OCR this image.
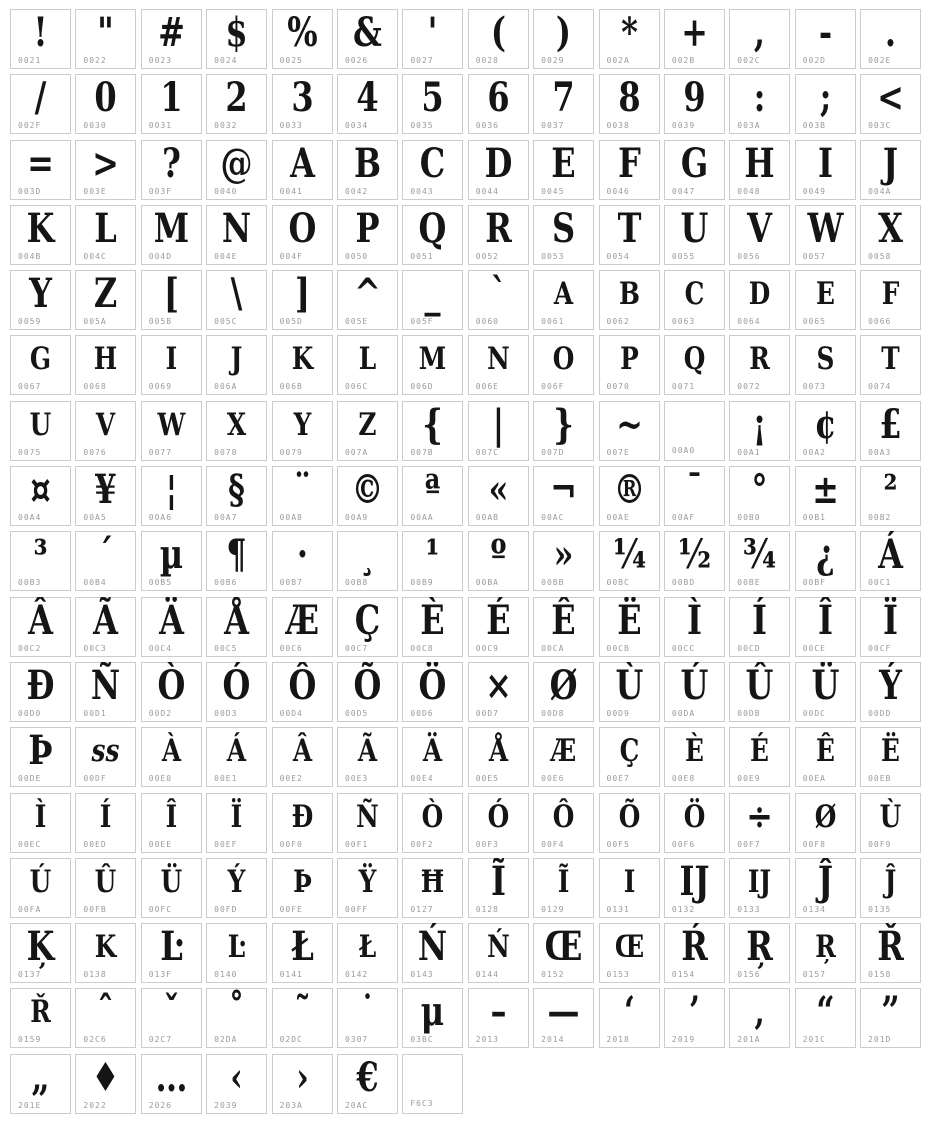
!
0021
"
0022
#
0023
$
0024
%
0025
&
0026
'
0027
(
0028
)
0029
*
002A
+
002B
,
002C
-
002D
.
002E
/
002F
0
0030
1
0031
2
0032
3
0033
4
0034
5
0035
6
0036
7
0037
8
0038
9
0039
:
003A
;
003B
<
003C
=
003D
>
003E
?
003F
@
0040
A
0041
B
0042
C
0043
D
0044
E
0045
F
0046
G
0047
H
0048
I
0049
J
004A
K
004B
L
004C
M
004D
N
004E
O
004F
P
0050
Q
0051
R
0052
S
0053
T
0054
U
0055
V
0056
W
0057
X
0058
Y
0059
Z
005A
[
005B
\
005C
]
005D
^
005E
_
005F
`
0060
A
0061
B
0062
C
0063
D
0064
E
0065
F
0066
G
0067
H
0068
I
0069
J
006A
K
006B
L
006C
M
006D
N
006E
O
006F
P
0070
Q
0071
R
0072
S
0073
T
0074
U
0075
V
0076
W
0077
X
0078
Y
0079
Z
007A
{
007B
|
007C
}
007D
~
007E	00A0
¡
00A1
¢
00A2
£
00A3
¤
00A4
¥
00A5
¦
00A6
§
00A7
¨
00A8
©
00A9
ª
00AA
«
00AB
¬
00AC
®
00AE
¯
00AF
°
00B0
±
00B1
²
00B2
³
00B3
´
00B4
µ
00B5
¶
00B6
·
00B7
¸
00B8
¹
00B9
º
00BA
»
00BB
¼
00BC
½
00BD
¾
00BE
¿
00BF
Á
00C1
Â
00C2
Ã
00C3
Ä
00C4
Å
00C5
Æ
00C6
Ç
00C7
È
00C8
É
00C9
Ê
00CA
Ë
00CB
Ì
00CC
Í
00CD
Î
00CE
Ï
00CF
Ð
00D0
Ñ
00D1
Ò
00D2
Ó
00D3
Ô
00D4
Õ
00D5
Ö
00D6
×
00D7
Ø
00D8
Ù
00D9
Ú
00DA
Û
00DB
Ü
00DC
Ý
00DD
Þ
00DE
ss
00DF
À
00E0
Á
00E1
Â
00E2
Ã
00E3
Ä
00E4
Å
00E5
Æ
00E6
Ç
00E7
È
00E8
É
00E9
Ê
00EA
Ë
00EB
Ì
00EC
Í
00ED
Î
00EE
Ï
00EF
Ð
00F0
Ñ
00F1
Ò
00F2
Ó
00F3
Ô
00F4
Õ
00F5
Ö
00F6
÷
00F7
Ø
00F8
Ù
00F9
Ú
00FA
Û
00FB
Ü
00FC
Ý
00FD
Þ
00FE
Ÿ
00FF
Ħ
0127
Ĩ
0128
Ĩ
0129
I
0131
IJ
0132
IJ
0133
Ĵ
0134
Ĵ
0135
Ķ
0137
K
0138
Ŀ
013F
Ŀ
0140
Ł
0141
Ł
0142
Ń
0143
Ń
0144
Œ
0152
Œ
0153
Ŕ
0154
Ŗ
0156
Ŗ
0157
Ř
0158
Ř
0159
ˆ
02C6
ˇ
02C7
˚
02DA
˜
02DC
˙
0307
μ
03BC
–
2013
—
2014
‘
2018
’
2019
‚
201A
“
201C
”
201D
„
201E
♦
2022
…
2026
‹
2039
›
203A
€
20AC	F6C3
